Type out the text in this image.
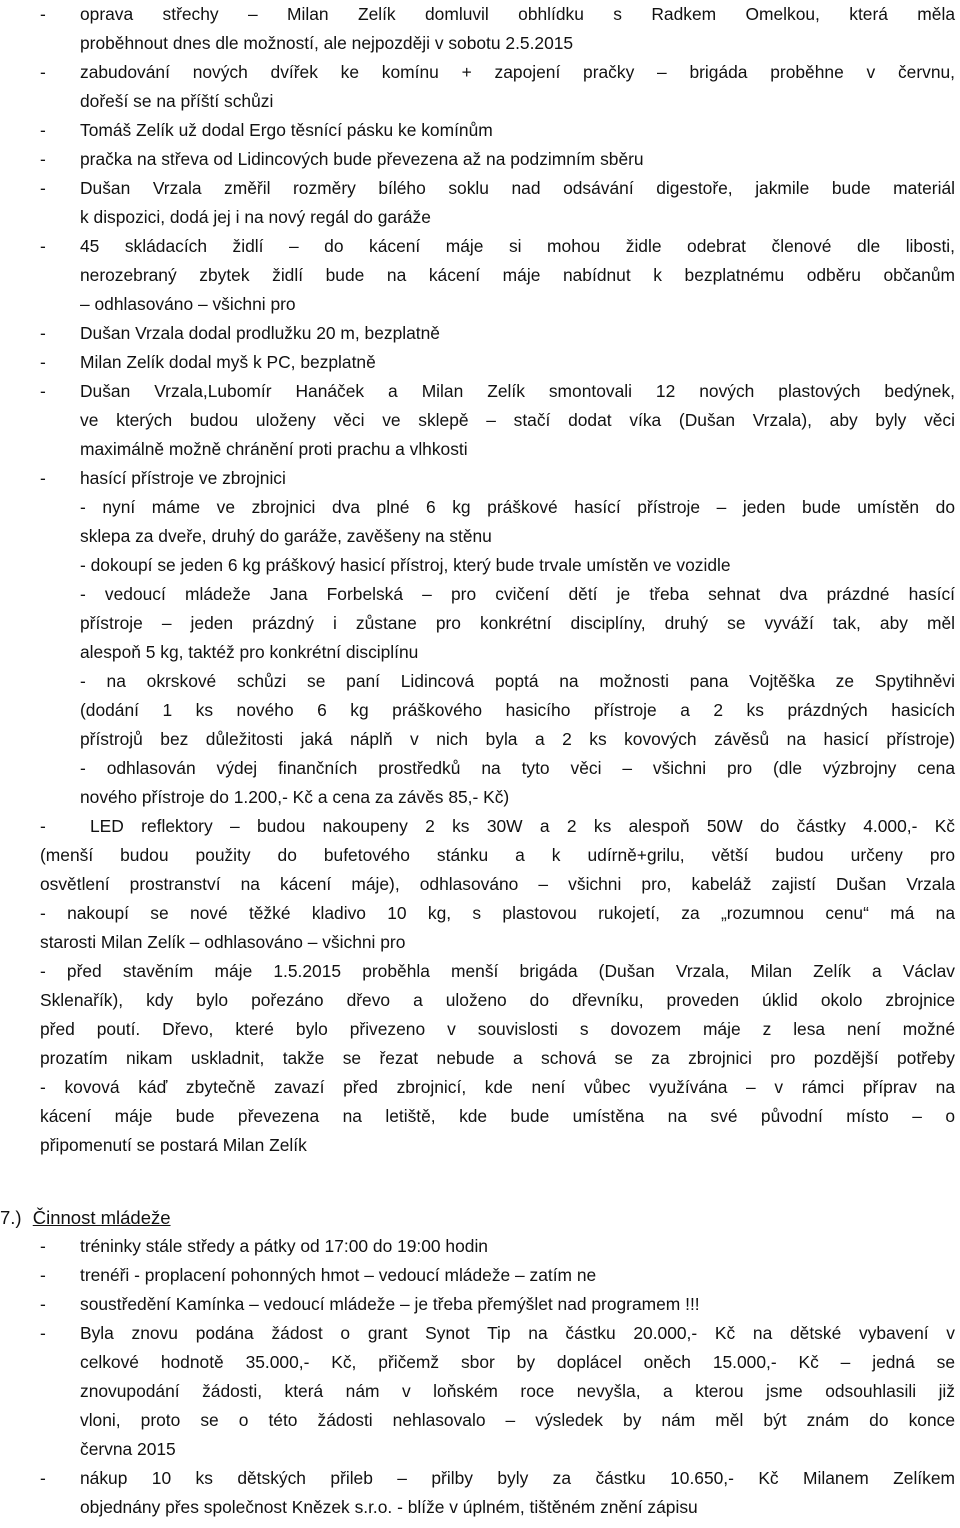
- oprava střechy – Milan Zelík domluvil obhlídku s Radkem Omelkou, která měla
proběhnout dnes dle možností, ale nejpozději v sobotu 2.5.2015
- zabudování nových dvířek ke komínu + zapojení pračky – brigáda proběhne v červnu,
dořeší se na příští schůzi
- Tomáš Zelík už dodal Ergo těsnící pásku ke komínům
- pračka na střeva od Lidincových bude převezena až na podzimním sběru
- Dušan Vrzala změřil rozměry bílého soklu nad odsávání digestoře, jakmile bude materiál
k dispozici, dodá jej i na nový regál do garáže
- 45 skládacích židlí – do kácení máje si mohou židle odebrat členové dle libosti,
nerozebraný zbytek židlí bude na kácení máje nabídnut k bezplatnému odběru občanům
– odhlasováno – všichni pro
- Dušan Vrzala dodal prodlužku 20 m, bezplatně
- Milan Zelík dodal myš k PC, bezplatně
- Dušan Vrzala,Lubomír Hanáček a Milan Zelík smontovali 12 nových plastových bedýnek,
ve kterých budou uloženy věci ve sklepě – stačí dodat víka (Dušan Vrzala), aby byly věci
maximálně možně chránění proti prachu a vlhkosti
- hasící přístroje ve zbrojnici
- nyní máme ve zbrojnici dva plné 6 kg práškové hasící přístroje – jeden bude umístěn do
sklepa za dveře, druhý do garáže, zavěšeny na stěnu
- dokoupí se jeden 6 kg práškový hasicí přístroj, který bude trvale umístěn ve vozidle
- vedoucí mládeže Jana Forbelská – pro cvičení dětí je třeba sehnat dva prázdné hasící
přístroje – jeden prázdný i zůstane pro konkrétní disciplíny, druhý se vyváží tak, aby měl
alespoň 5 kg, taktéž pro konkrétní disciplínu
- na okrskové schůzi se paní Lidincová poptá na možnosti pana Vojtěška ze Spytihněvi
(dodání 1 ks nového 6 kg práškového hasicího přístroje a 2 ks prázdných hasicích
přístrojů bez důležitosti jaká náplň v nich byla a 2 ks kovových závěsů na hasicí přístroje)
- odhlasován výdej finančních prostředků na tyto věci – všichni pro (dle výzbrojny cena
nového přístroje do 1.200,- Kč a cena za závěs 85,- Kč)
-	LED reflektory – budou nakoupeny 2 ks 30W a 2 ks alespoň 50W do částky 4.000,- Kč
(menší budou použity do bufetového stánku a k udírně+grilu, větší budou určeny pro
osvětlení prostranství na kácení máje), odhlasováno – všichni pro, kabeláž zajistí Dušan Vrzala
- nakoupí se nové těžké kladivo 10 kg, s plastovou rukojetí, za „rozumnou cenu“ má na
starosti Milan Zelík – odhlasováno – všichni pro
- před stavěním máje 1.5.2015 proběhla menší brigáda (Dušan Vrzala, Milan Zelík a Václav
Sklenařík), kdy bylo pořezáno dřevo a uloženo do dřevníku, proveden úklid okolo zbrojnice
před poutí. Dřevo, které bylo přivezeno v souvislosti s dovozem máje z lesa není možné
prozatím nikam uskladnit, takže se řezat nebude a schová se za zbrojnici pro pozdější potřeby
- kovová káď zbytečně zavazí před zbrojnicí, kde není vůbec využívána – v rámci příprav na
kácení máje bude převezena na letiště, kde bude umístěna na své původní místo – o
připomenutí se postará Milan Zelík
7.) Činnost mládeže
- tréninky stále středy a pátky od 17:00 do 19:00 hodin
- trenéři - proplacení pohonných hmot – vedoucí mládeže – zatím ne
- soustředění Kamínka – vedoucí mládeže – je třeba přemýšlet nad programem !!!
- Byla znovu podána žádost o grant Synot Tip na částku 20.000,- Kč na dětské vybavení v
celkové hodnotě 35.000,- Kč, přičemž sbor by doplácel oněch 15.000,- Kč – jedná se
znovupodání žádosti, která nám v loňském roce nevyšla, a kterou jsme odsouhlasili již
vloni, proto se o této žádosti nehlasovalo – výsledek by nám měl být znám do konce
června 2015
- nákup 10 ks dětských přileb – přilby byly za částku 10.650,- Kč Milanem Zelíkem
objednány přes společnost Knězek s.r.o. - blíže v úplném, tištěném znění zápisu
